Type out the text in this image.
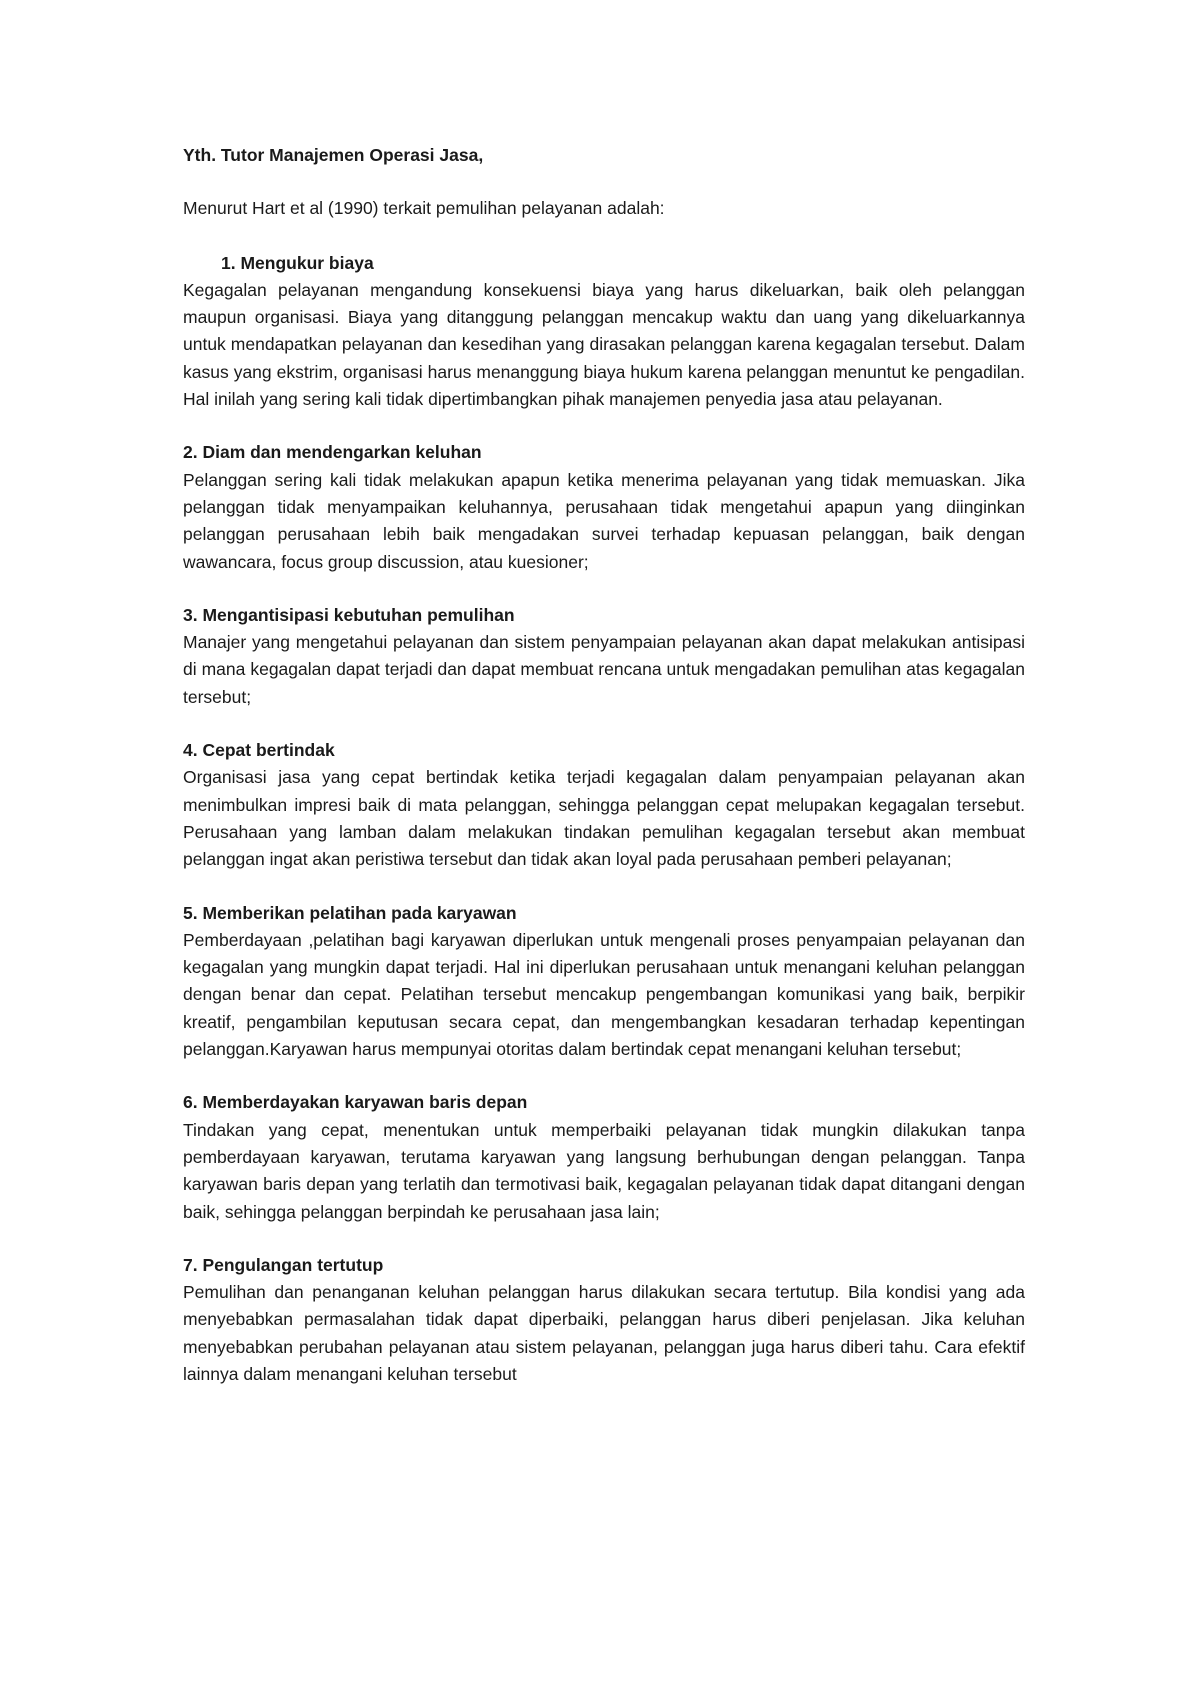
Yth. Tutor Manajemen Operasi Jasa,

Menurut Hart et al (1990) terkait pemulihan pelayanan adalah:

1. Mengukur biaya

Kegagalan pelayanan mengandung konsekuensi biaya yang harus dikeluarkan, baik oleh pelanggan maupun organisasi. Biaya yang ditanggung pelanggan mencakup waktu dan uang yang dikeluarkannya untuk mendapatkan pelayanan dan kesedihan yang dirasakan pelanggan karena kegagalan tersebut. Dalam kasus yang ekstrim, organisasi harus menanggung biaya hukum karena pelanggan menuntut ke pengadilan. Hal inilah yang sering kali tidak dipertimbangkan pihak manajemen penyedia jasa atau pelayanan.

2. Diam dan mendengarkan keluhan

Pelanggan sering kali tidak melakukan apapun ketika menerima pelayanan yang tidak memuaskan. Jika pelanggan tidak menyampaikan keluhannya, perusahaan tidak mengetahui apapun yang diinginkan pelanggan perusahaan lebih baik mengadakan survei terhadap kepuasan pelanggan, baik dengan wawancara, focus group discussion, atau kuesioner;

3. Mengantisipasi kebutuhan pemulihan

Manajer yang mengetahui pelayanan dan sistem penyampaian pelayanan akan dapat melakukan antisipasi di mana kegagalan dapat terjadi dan dapat membuat rencana untuk mengadakan pemulihan atas kegagalan tersebut;

4. Cepat bertindak

Organisasi jasa yang cepat bertindak ketika terjadi kegagalan dalam penyampaian pelayanan akan menimbulkan impresi baik di mata pelanggan, sehingga pelanggan cepat melupakan kegagalan tersebut. Perusahaan yang lamban dalam melakukan tindakan pemulihan kegagalan tersebut akan membuat pelanggan ingat akan peristiwa tersebut dan tidak akan loyal pada perusahaan pemberi pelayanan;

5. Memberikan pelatihan pada karyawan

Pemberdayaan ,pelatihan bagi karyawan diperlukan untuk mengenali proses penyampaian pelayanan dan kegagalan yang mungkin dapat terjadi. Hal ini diperlukan perusahaan untuk menangani keluhan pelanggan dengan benar dan cepat. Pelatihan tersebut mencakup pengembangan komunikasi yang baik, berpikir kreatif, pengambilan keputusan secara cepat, dan mengembangkan kesadaran terhadap kepentingan pelanggan.Karyawan harus mempunyai otoritas dalam bertindak cepat menangani keluhan tersebut;

6. Memberdayakan karyawan baris depan

Tindakan yang cepat, menentukan untuk memperbaiki pelayanan tidak mungkin dilakukan tanpa pemberdayaan karyawan, terutama karyawan yang langsung berhubungan dengan pelanggan. Tanpa karyawan baris depan yang terlatih dan termotivasi baik, kegagalan pelayanan tidak dapat ditangani dengan baik, sehingga pelanggan berpindah ke perusahaan jasa lain;

7. Pengulangan tertutup

Pemulihan dan penanganan keluhan pelanggan harus dilakukan secara tertutup. Bila kondisi yang ada menyebabkan permasalahan tidak dapat diperbaiki, pelanggan harus diberi penjelasan. Jika keluhan menyebabkan perubahan pelayanan atau sistem pelayanan, pelanggan juga harus diberi tahu. Cara efektif lainnya dalam menangani keluhan tersebut
